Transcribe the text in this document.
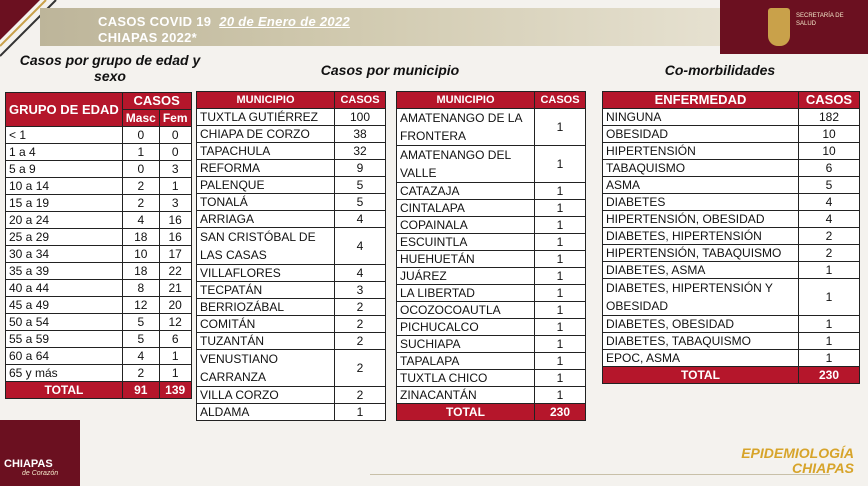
CASOS COVID 19 20 de Enero de 2022
CHIAPAS 2022*
SECRETARÍA DE SALUD
Casos por grupo de edad y sexo	Casos por municipio	Co-morbilidades
GRUPO DE EDAD	CASOS	
	Masc	Fem
< 1	0	0
1 a 4	1	0
5 a 9	0	3
10 a 14	2	1
15 a 19	2	3
20 a 24	4	16
25 a 29	18	16
30 a 34	10	17
35 a 39	18	22
40 a 44	8	21
45 a 49	12	20
50 a 54	5	12
55 a 59	5	6
60 a 64	4	1
65 y más	2	1
TOTAL	91	139
MUNICIPIO	CASOS
TUXTLA GUTIÉRREZ	100
CHIAPA DE CORZO	38
TAPACHULA	32
REFORMA	9
PALENQUE	5
TONALÁ	5
ARRIAGA	4
SAN CRISTÓBAL DE LAS CASAS	4
VILLAFLORES	4
TECPATÁN	3
BERRIOZÁBAL	2
COMITÁN	2
TUZANTÁN	2
VENUSTIANO CARRANZA	2
VILLA CORZO	2
ALDAMA	1
MUNICIPIO	CASOS
AMATENANGO DE LA FRONTERA	1
AMATENANGO DEL VALLE	1
CATAZAJA	1
CINTALAPA	1
COPAINALA	1
ESCUINTLA	1
HUEHUETÁN	1
JUÁREZ	1
LA LIBERTAD	1
OCOZOCOAUTLA	1
PICHUCALCO	1
SUCHIAPA	1
TAPALAPA	1
TUXTLA CHICO	1
ZINACANTÁN	1
TOTAL	230
ENFERMEDAD	CASOS
NINGUNA	182
OBESIDAD	10
HIPERTENSIÓN	10
TABAQUISMO	6
ASMA	5
DIABETES	4
HIPERTENSIÓN, OBESIDAD	4
DIABETES, HIPERTENSIÓN	2
HIPERTENSIÓN, TABAQUISMO	2
DIABETES, ASMA	1
DIABETES, HIPERTENSIÓN Y OBESIDAD	1
DIABETES, OBESIDAD	1
DIABETES, TABAQUISMO	1
EPOC, ASMA	1
TOTAL	230
CHIAPAS
de Corazón
EPIDEMIOLOGÍA
CHIAPAS
